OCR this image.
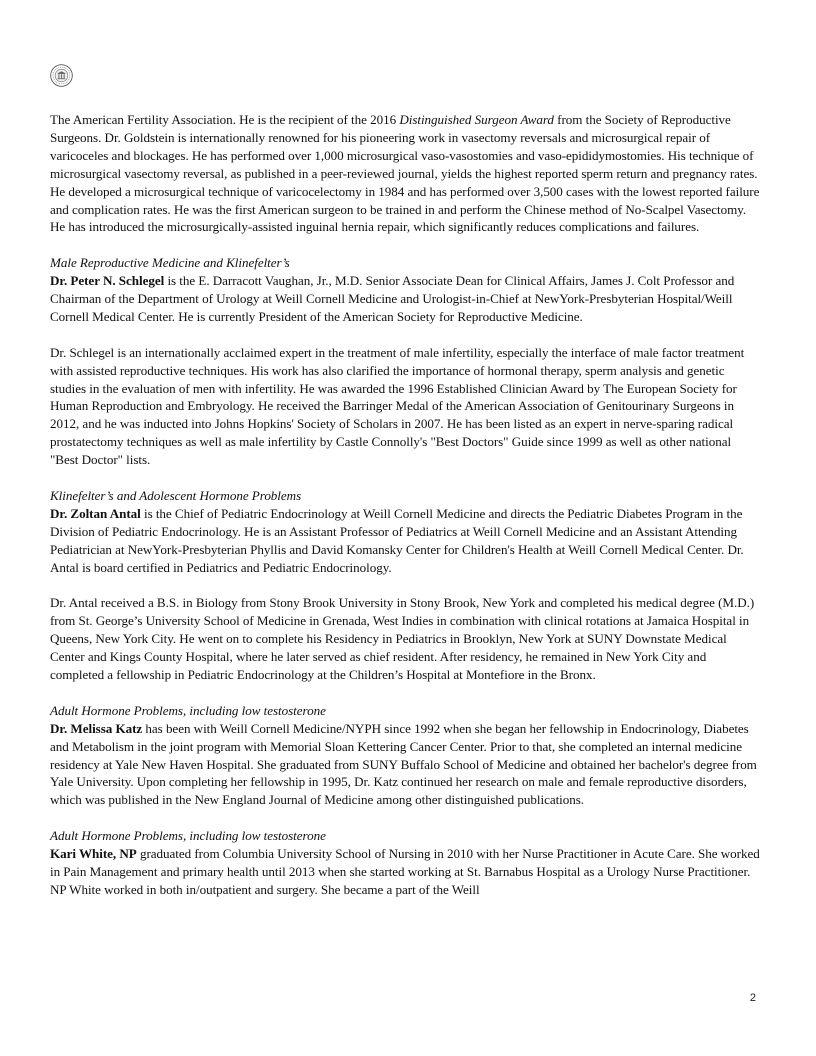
The American Fertility Association. He is the recipient of the 2016 Distinguished Surgeon Award from the Society of Reproductive Surgeons. Dr. Goldstein is internationally renowned for his pioneering work in vasectomy reversals and microsurgical repair of varicoceles and blockages. He has performed over 1,000 microsurgical vaso-vasostomies and vaso-epididymostomies. His technique of microsurgical vasectomy reversal, as published in a peer-reviewed journal, yields the highest reported sperm return and pregnancy rates. He developed a microsurgical technique of varicocelectomy in 1984 and has performed over 3,500 cases with the lowest reported failure and complication rates. He was the first American surgeon to be trained in and perform the Chinese method of No-Scalpel Vasectomy. He has introduced the microsurgically-assisted inguinal hernia repair, which significantly reduces complications and failures.

Male Reproductive Medicine and Klinefelter’s

Dr. Peter N. Schlegel is the E. Darracott Vaughan, Jr., M.D. Senior Associate Dean for Clinical Affairs, James J. Colt Professor and Chairman of the Department of Urology at Weill Cornell Medicine and Urologist-in-Chief at NewYork-Presbyterian Hospital/Weill Cornell Medical Center. He is currently President of the American Society for Reproductive Medicine.

Dr. Schlegel is an internationally acclaimed expert in the treatment of male infertility, especially the interface of male factor treatment with assisted reproductive techniques. His work has also clarified the importance of hormonal therapy, sperm analysis and genetic studies in the evaluation of men with infertility. He was awarded the 1996 Established Clinician Award by The European Society for Human Reproduction and Embryology. He received the Barringer Medal of the American Association of Genitourinary Surgeons in 2012, and he was inducted into Johns Hopkins' Society of Scholars in 2007. He has been listed as an expert in nerve-sparing radical prostatectomy techniques as well as male infertility by Castle Connolly's "Best Doctors" Guide since 1999 as well as other national "Best Doctor" lists.

Klinefelter’s and Adolescent Hormone Problems

Dr. Zoltan Antal is the Chief of Pediatric Endocrinology at Weill Cornell Medicine and directs the Pediatric Diabetes Program in the Division of Pediatric Endocrinology. He is an Assistant Professor of Pediatrics at Weill Cornell Medicine and an Assistant Attending Pediatrician at NewYork-Presbyterian Phyllis and David Komansky Center for Children's Health at Weill Cornell Medical Center. Dr. Antal is board certified in Pediatrics and Pediatric Endocrinology.

Dr. Antal received a B.S. in Biology from Stony Brook University in Stony Brook, New York and completed his medical degree (M.D.) from St. George’s University School of Medicine in Grenada, West Indies in combination with clinical rotations at Jamaica Hospital in Queens, New York City. He went on to complete his Residency in Pediatrics in Brooklyn, New York at SUNY Downstate Medical Center and Kings County Hospital, where he later served as chief resident. After residency, he remained in New York City and completed a fellowship in Pediatric Endocrinology at the Children’s Hospital at Montefiore in the Bronx.

Adult Hormone Problems, including low testosterone

Dr. Melissa Katz has been with Weill Cornell Medicine/NYPH since 1992 when she began her fellowship in Endocrinology, Diabetes and Metabolism in the joint program with Memorial Sloan Kettering Cancer Center. Prior to that, she completed an internal medicine residency at Yale New Haven Hospital. She graduated from SUNY Buffalo School of Medicine and obtained her bachelor's degree from Yale University. Upon completing her fellowship in 1995, Dr. Katz continued her research on male and female reproductive disorders, which was published in the New England Journal of Medicine among other distinguished publications.

Adult Hormone Problems, including low testosterone

Kari White, NP graduated from Columbia University School of Nursing in 2010 with her Nurse Practitioner in Acute Care. She worked in Pain Management and primary health until 2013 when she started working at St. Barnabus Hospital as a Urology Nurse Practitioner. NP White worked in both in/outpatient and surgery. She became a part of the Weill

2
